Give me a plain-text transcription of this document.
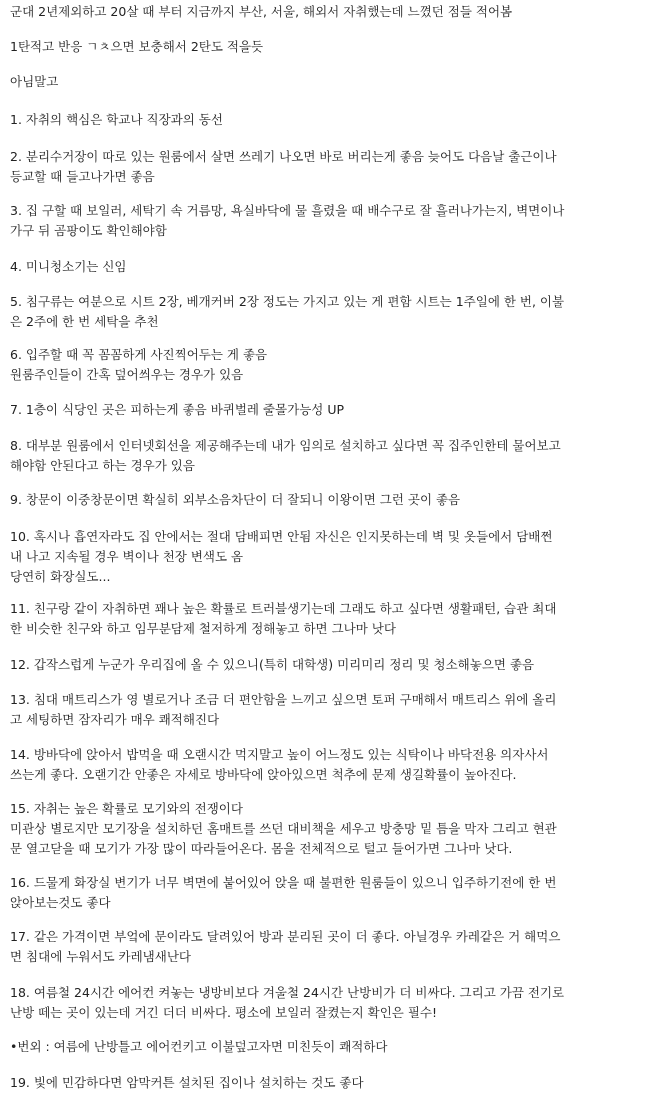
군대 2년제외하고 20살 때 부터 지금까지 부산, 서울, 해외서 자취했는데 느꼈던 점들 적어봄
1탄적고 반응 ㄱㅊ으면 보충해서 2탄도 적을듯
아님말고
1. 자취의 핵심은 학교나 직장과의 동선
2. 분리수거장이 따로 있는 원룸에서 살면 쓰레기 나오면 바로 버리는게 좋음 늦어도 다음날 출근이나
등교할 때 들고나가면 좋음
3. 집 구할 때 보일러, 세탁기 속 거름망, 욕실바닥에 물 흘렸을 때 배수구로 잘 흘러나가는지, 벽면이나
가구 뒤 곰팡이도 확인해야함
4. 미니청소기는 신임
5. 침구류는 여분으로 시트 2장, 베개커버 2장 정도는 가지고 있는 게 편함 시트는 1주일에 한 번, 이불
은 2주에 한 번 세탁을 추천
6. 입주할 때 꼭 꼼꼼하게 사진찍어두는 게 좋음
원룸주인들이 간혹 덮어씌우는 경우가 있음
7. 1층이 식당인 곳은 피하는게 좋음 바퀴벌레 줄몰가능성 UP
8. 대부분 원룸에서 인터넷회선을 제공해주는데 내가 임의로 설치하고 싶다면 꼭 집주인한테 물어보고
해야함 안된다고 하는 경우가 있음
9. 창문이 이중창문이면 확실히 외부소음차단이 더 잘되니 이왕이면 그런 곳이 좋음
10. 혹시나 흡연자라도 집 안에서는 절대 담배피면 안됨 자신은 인지못하는데 벽 및 옷들에서 담배쩐
내 나고 지속될 경우 벽이나 천장 변색도 옴
당연히 화장실도...
11. 친구랑 같이 자취하면 꽤나 높은 확률로 트러블생기는데 그래도 하고 싶다면 생활패턴, 습관 최대
한 비슷한 친구와 하고 임무분담제 철저하게 정해놓고 하면 그나마 낫다
12. 갑작스럽게 누군가 우리집에 올 수 있으니(특히 대학생) 미리미리 정리 및 청소해놓으면 좋음
13. 침대 매트리스가 영 별로거나 조금 더 편안함을 느끼고 싶으면 토퍼 구매해서 매트리스 위에 올리
고 세팅하면 잠자리가 매우 쾌적해진다
14. 방바닥에 앉아서 밥먹을 때 오랜시간 먹지말고 높이 어느정도 있는 식탁이나 바닥전용 의자사서
쓰는게 좋다. 오랜기간 안좋은 자세로 방바닥에 앉아있으면 척추에 문제 생길확률이 높아진다.
15. 자취는 높은 확률로 모기와의 전쟁이다
미관상 별로지만 모기장을 설치하던 홈매트를 쓰던 대비책을 세우고 방충망 밑 틈을 막자 그리고 현관
문 열고닫을 때 모기가 가장 많이 따라들어온다. 몸을 전체적으로 털고 들어가면 그나마 낫다.
16. 드물게 화장실 변기가 너무 벽면에 붙어있어 앉을 때 불편한 원룸들이 있으니 입주하기전에 한 번
앉아보는것도 좋다
17. 같은 가격이면 부엌에 문이라도 달려있어 방과 분리된 곳이 더 좋다. 아닐경우 카레같은 거 해먹으
면 침대에 누워서도 카레냄새난다
18. 여름철 24시간 에어컨 켜놓는 냉방비보다 겨울철 24시간 난방비가 더 비싸다. 그리고 가끔 전기로
난방 떼는 곳이 있는데 거긴 더더 비싸다. 평소에 보일러 잘켰는지 확인은 필수!
•번외 : 여름에 난방틀고 에어컨키고 이불덮고자면 미친듯이 쾌적하다
19. 빛에 민감하다면 암막커튼 설치된 집이나 설치하는 것도 좋다
